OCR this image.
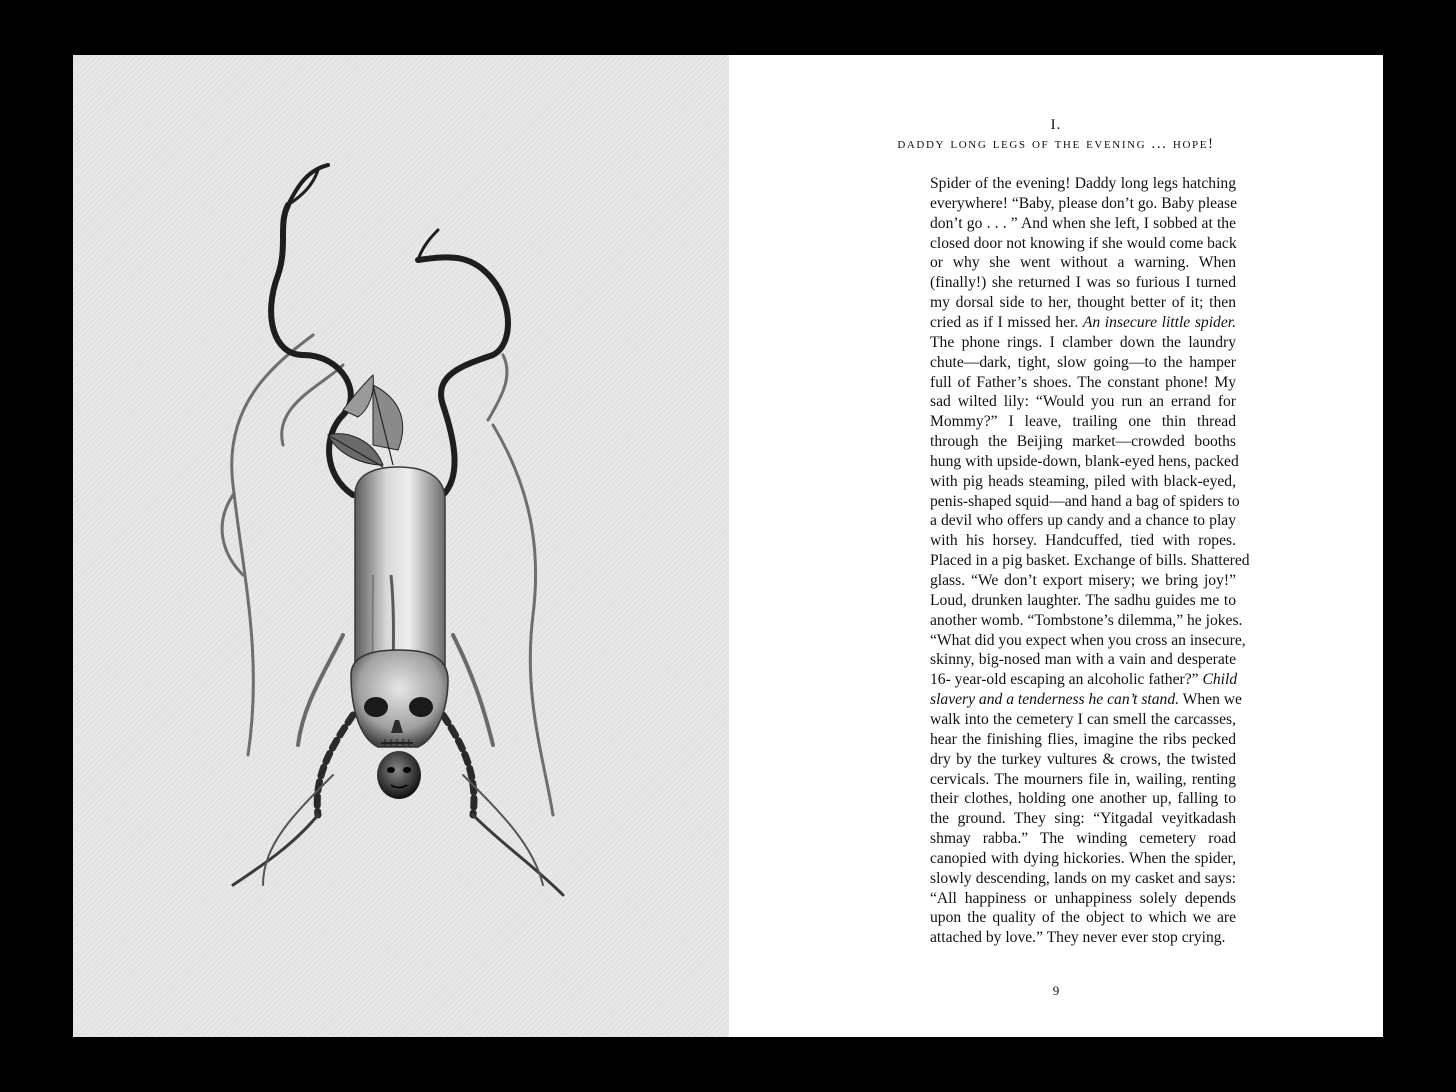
I.
daddy long legs of the evening ... hope!
Spider of the evening! Daddy long legs hatching
everywhere! “Baby, please don’t go. Baby please
don’t go . . . ” And when she left, I sobbed at the
closed door not knowing if she would come back
or why she went without a warning. When
(finally!) she returned I was so furious I turned
my dorsal side to her, thought better of it; then
cried as if I missed her. An insecure little spider.
The phone rings. I clamber down the laundry
chute—dark, tight, slow going—to the hamper
full of Father’s shoes. The constant phone! My
sad wilted lily: “Would you run an errand for
Mommy?” I leave, trailing one thin thread
through the Beijing market—crowded booths
hung with upside-down, blank-eyed hens, packed
with pig heads steaming, piled with black-eyed,
penis-shaped squid—and hand a bag of spiders to
a devil who offers up candy and a chance to play
with his horsey. Handcuffed, tied with ropes.
Placed in a pig basket. Exchange of bills. Shattered
glass. “We don’t export misery; we bring joy!”
Loud, drunken laughter. The sadhu guides me to
another womb. “Tombstone’s dilemma,” he jokes.
“What did you expect when you cross an insecure,
skinny, big-nosed man with a vain and desperate
16- year-old escaping an alcoholic father?” Child
slavery and a tenderness he can’t stand. When we
walk into the cemetery I can smell the carcasses,
hear the finishing flies, imagine the ribs pecked
dry by the turkey vultures & crows, the twisted
cervicals. The mourners file in, wailing, renting
their clothes, holding one another up, falling to
the ground. They sing: “Yitgadal veyitkadash
shmay rabba.” The winding cemetery road
canopied with dying hickories. When the spider,
slowly descending, lands on my casket and says:
“All happiness or unhappiness solely depends
upon the quality of the object to which we are
attached by love.” They never ever stop crying.
9
